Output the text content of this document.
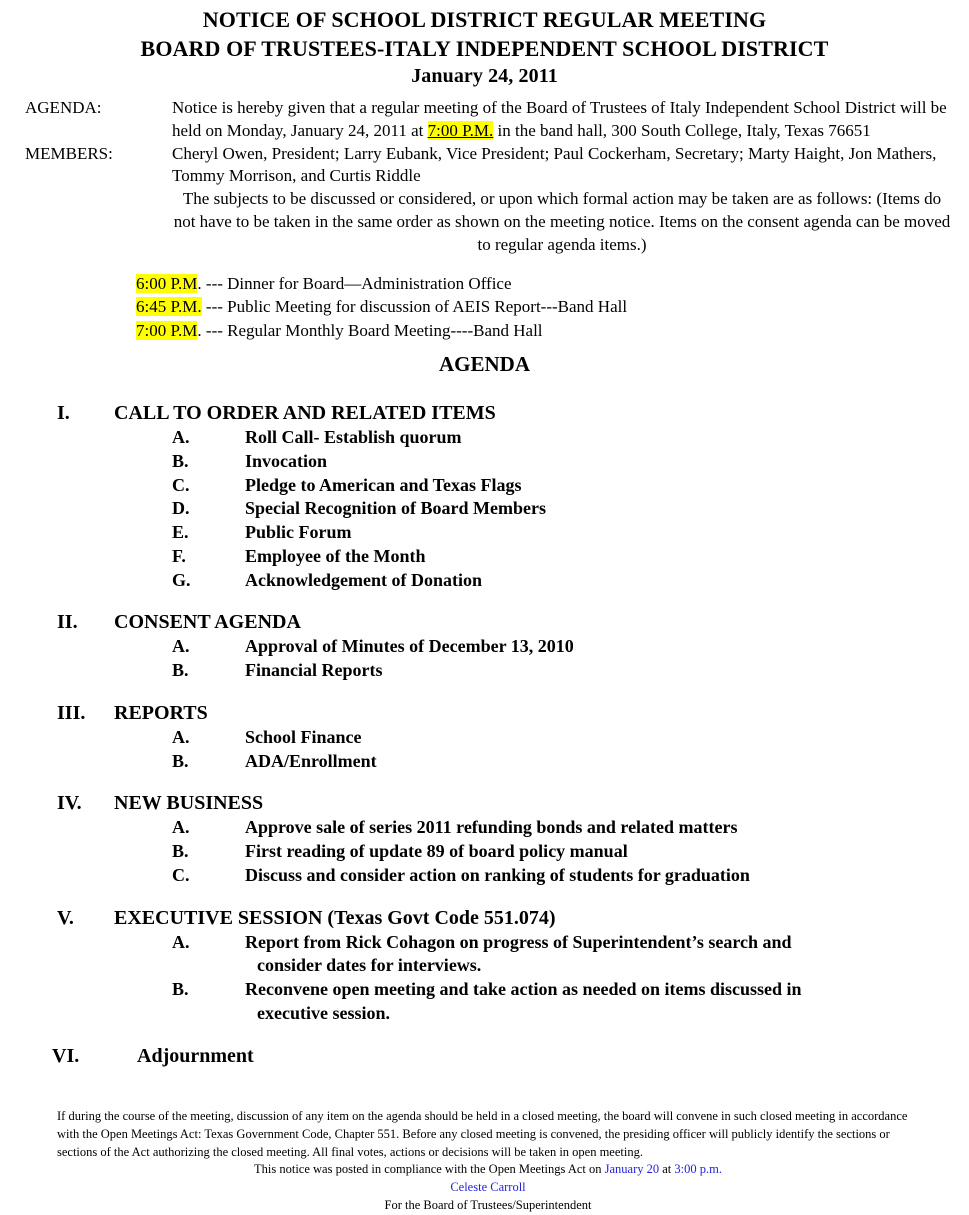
NOTICE OF SCHOOL DISTRICT REGULAR MEETING
BOARD OF TRUSTEES-ITALY INDEPENDENT SCHOOL DISTRICT
January 24, 2011
AGENDA:	Notice is hereby given that a regular meeting of the Board of Trustees of Italy Independent School District will be held on Monday, January 24, 2011 at 7:00 P.M. in the band hall, 300 South College, Italy, Texas 76651
MEMBERS:	Cheryl Owen, President; Larry Eubank, Vice President; Paul Cockerham, Secretary; Marty Haight, Jon Mathers, Tommy Morrison, and Curtis Riddle
The subjects to be discussed or considered, or upon which formal action may be taken are as follows: (Items do not have to be taken in the same order as shown on the meeting notice. Items on the consent agenda can be moved to regular agenda items.)
6:00 P.M. --- Dinner for Board—Administration Office
6:45 P.M. --- Public Meeting for discussion of AEIS Report---Band Hall
7:00 P.M. --- Regular Monthly Board Meeting----Band Hall
AGENDA
I.	CALL TO ORDER AND RELATED ITEMS
A.	Roll Call- Establish quorum
B.	Invocation
C.	Pledge to American and Texas Flags
D.	Special Recognition of Board Members
E.	Public Forum
F.	Employee of the Month
G.	Acknowledgement of Donation
II.	CONSENT AGENDA
A.	Approval of Minutes of December 13, 2010
B.	Financial Reports
III.	REPORTS
A.	School Finance
B.	ADA/Enrollment
IV.	NEW BUSINESS
A.	Approve sale of series 2011 refunding bonds and related matters
B.	First reading of update 89 of board policy manual
C.	Discuss and consider action on ranking of students for graduation
V.	EXECUTIVE SESSION (Texas Govt Code 551.074)
A.	Report from Rick Cohagon on progress of Superintendent’s search and
consider dates for interviews.
B.	Reconvene open meeting and take action as needed on items discussed in
executive session.
VI.	Adjournment
If during the course of the meeting, discussion of any item on the agenda should be held in a closed meeting, the board will convene in such closed meeting in accordance with the Open Meetings Act: Texas Government Code, Chapter 551. Before any closed meeting is convened, the presiding officer will publicly identify the sections or sections of the Act authorizing the closed meeting. All final votes, actions or decisions will be taken in open meeting.
This notice was posted in compliance with the Open Meetings Act on January 20 at 3:00 p.m.
Celeste Carroll
For the Board of Trustees/Superintendent
